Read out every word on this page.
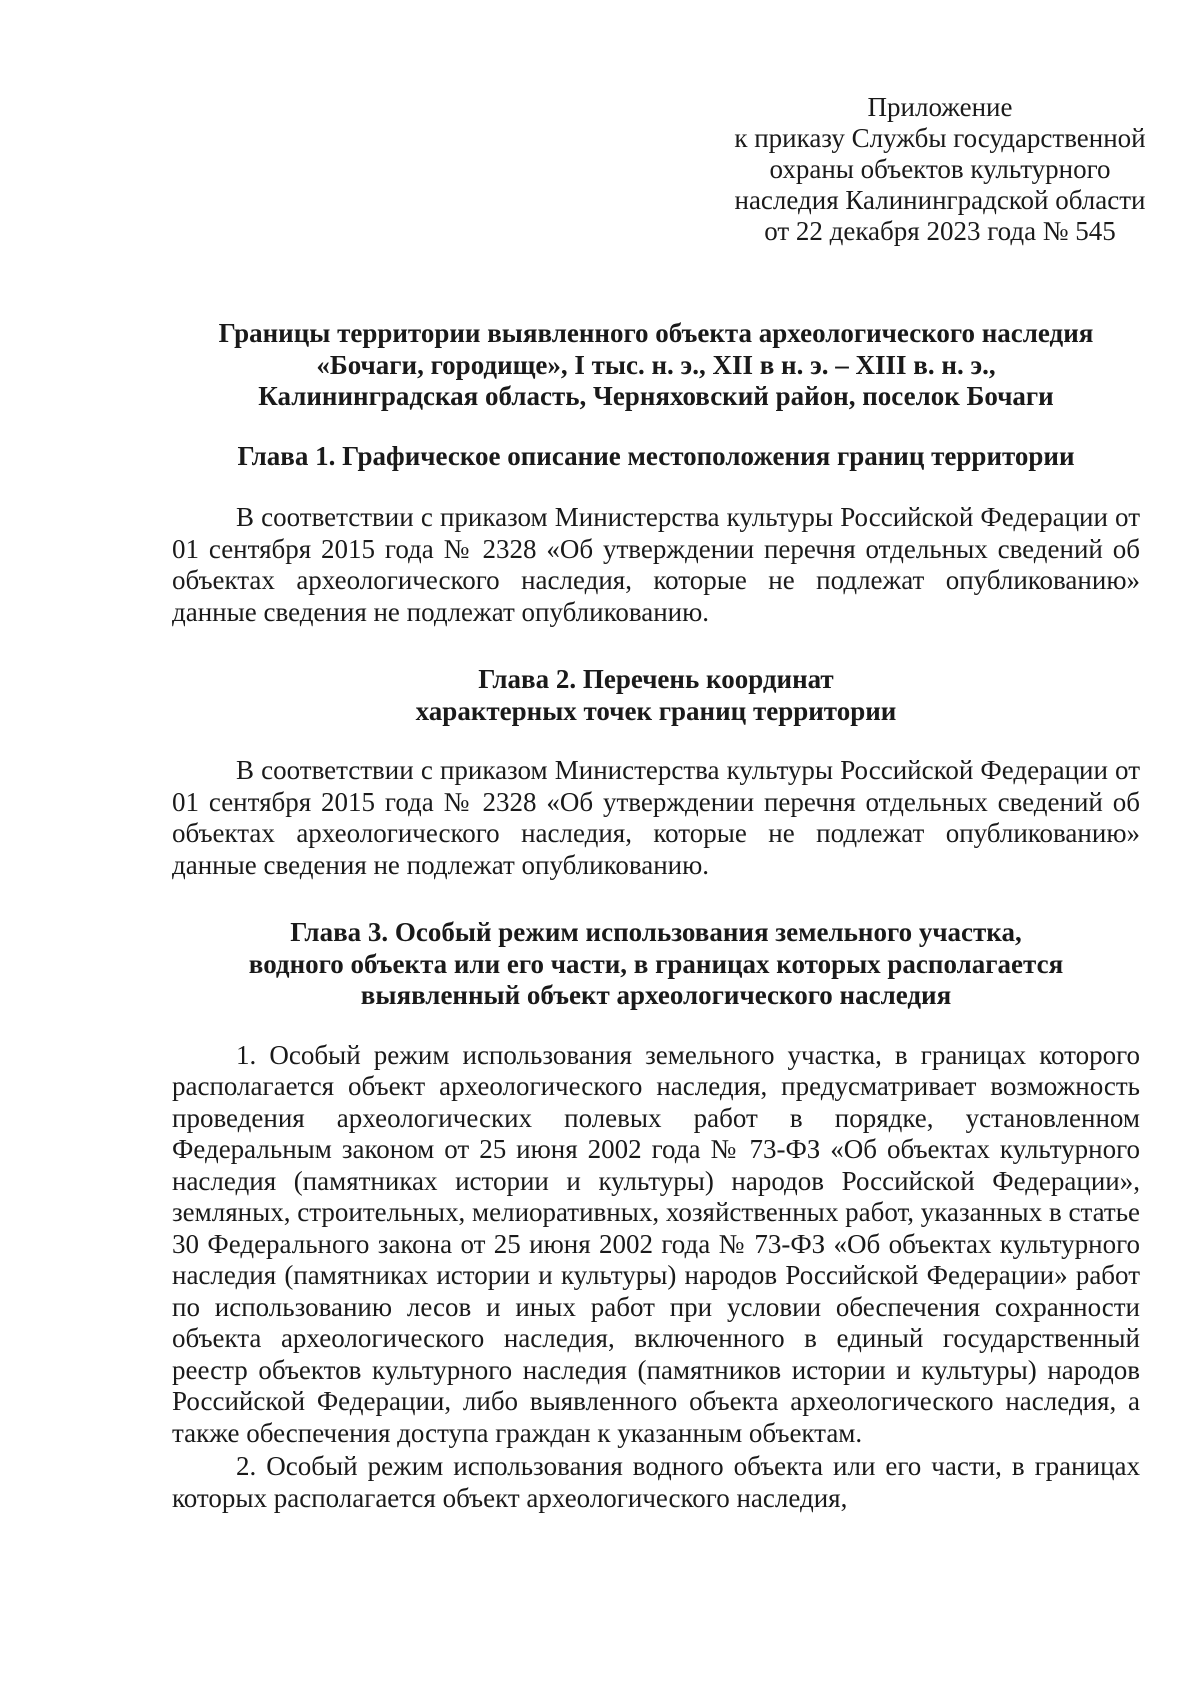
Приложение
к приказу Службы государственной
охраны объектов культурного
наследия Калининградской области
от 22 декабря 2023 года № 545
Границы территории выявленного объекта археологического наследия
«Бочаги, городище», I тыс. н. э., XII в н. э. – XIII в. н. э.,
Калининградская область, Черняховский район, поселок Бочаги
Глава 1. Графическое описание местоположения границ территории

В соответствии с приказом Министерства культуры Российской Федерации от 01 сентября 2015 года № 2328 «Об утверждении перечня отдельных сведений об объектах археологического наследия, которые не подлежат опубликованию» данные сведения не подлежат опубликованию.

Глава 2. Перечень координат
характерных точек границ территории

В соответствии с приказом Министерства культуры Российской Федерации от 01 сентября 2015 года № 2328 «Об утверждении перечня отдельных сведений об объектах археологического наследия, которые не подлежат опубликованию» данные сведения не подлежат опубликованию.

Глава 3. Особый режим использования земельного участка,
водного объекта или его части, в границах которых располагается
выявленный объект археологического наследия

1. Особый режим использования земельного участка, в границах которого располагается объект археологического наследия, предусматривает возможность проведения археологических полевых работ в порядке, установленном Федеральным законом от 25 июня 2002 года № 73-ФЗ «Об объектах культурного наследия (памятниках истории и культуры) народов Российской Федерации», земляных, строительных, мелиоративных, хозяйственных работ, указанных в статье 30 Федерального закона от 25 июня 2002 года № 73-ФЗ «Об объектах культурного наследия (памятниках истории и культуры) народов Российской Федерации» работ по использованию лесов и иных работ при условии обеспечения сохранности объекта археологического наследия, включенного в единый государственный реестр объектов культурного наследия (памятников истории и культуры) народов Российской Федерации, либо выявленного объекта археологического наследия, а также обеспечения доступа граждан к указанным объектам.

2. Особый режим использования водного объекта или его части, в границах которых располагается объект археологического наследия,
